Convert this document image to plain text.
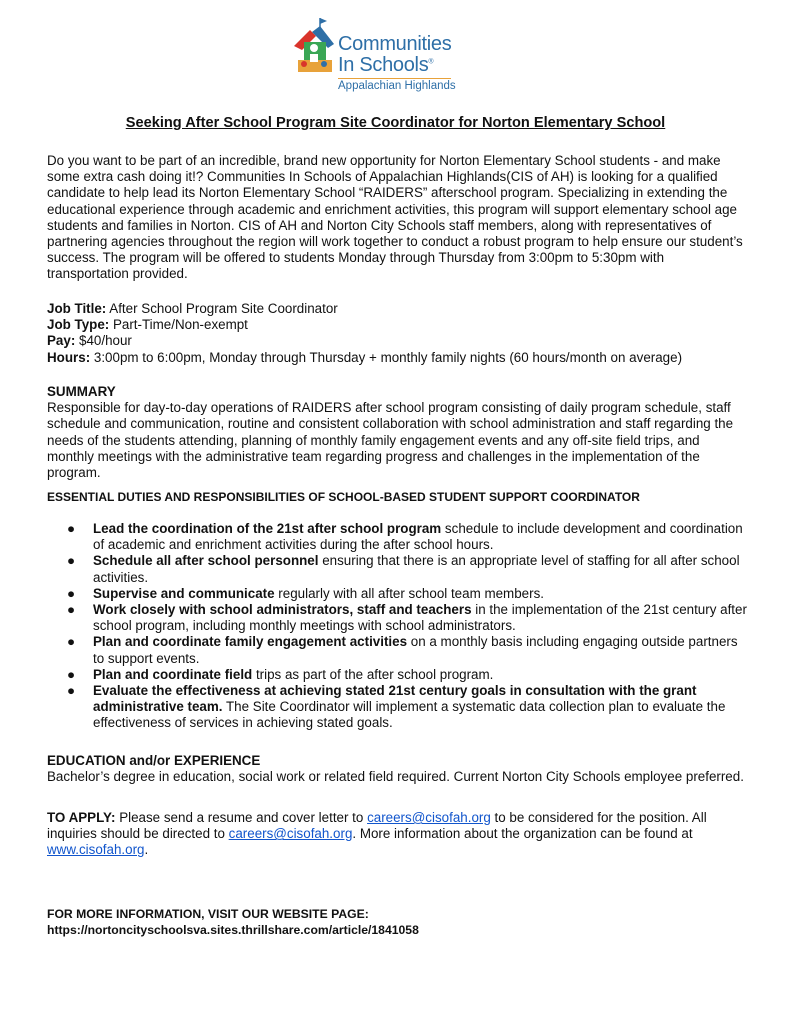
Communities
In Schools®
Appalachian Highlands
Seeking After School Program Site Coordinator for Norton Elementary School
Do you want to be part of an incredible, brand new opportunity for Norton Elementary School students - and make some extra cash doing it!? Communities In Schools of Appalachian Highlands(CIS of AH) is looking for a qualified candidate to help lead its Norton Elementary School “RAIDERS” afterschool program. Specializing in extending the educational experience through academic and enrichment activities, this program will support elementary school age students and families in Norton. CIS of AH and Norton City Schools staff members, along with representatives of partnering agencies throughout the region will work together to conduct a robust program to help ensure our student’s success. The program will be offered to students Monday through Thursday from 3:00pm to 5:30pm with transportation provided.
Job Title: After School Program Site Coordinator
Job Type: Part-Time/Non-exempt
Pay: $40/hour
Hours: 3:00pm to 6:00pm, Monday through Thursday + monthly family nights (60 hours/month on average)
SUMMARY
Responsible for day-to-day operations of RAIDERS after school program consisting of daily program schedule, staff schedule and communication, routine and consistent collaboration with school administration and staff regarding the needs of the students attending, planning of monthly family engagement events and any off-site field trips, and monthly meetings with the administrative team regarding progress and challenges in the implementation of the program.
ESSENTIAL DUTIES AND RESPONSIBILITIES OF SCHOOL-BASED STUDENT SUPPORT COORDINATOR
● Lead the coordination of the 21st after school program schedule to include development and coordination of academic and enrichment activities during the after school hours.
● Schedule all after school personnel ensuring that there is an appropriate level of staffing for all after school activities.
● Supervise and communicate regularly with all after school team members.
● Work closely with school administrators, staff and teachers in the implementation of the 21st century after school program, including monthly meetings with school administrators.
● Plan and coordinate family engagement activities on a monthly basis including engaging outside partners to support events.
● Plan and coordinate field trips as part of the after school program.
● Evaluate the effectiveness at achieving stated 21st century goals in consultation with the grant administrative team. The Site Coordinator will implement a systematic data collection plan to evaluate the effectiveness of services in achieving stated goals.
EDUCATION and/or EXPERIENCE
Bachelor’s degree in education, social work or related field required. Current Norton City Schools employee preferred.
TO APPLY: Please send a resume and cover letter to careers@cisofah.org to be considered for the position. All inquiries should be directed to careers@cisofah.org. More information about the organization can be found at www.cisofah.org.
FOR MORE INFORMATION, VISIT OUR WEBSITE PAGE:
https://nortoncityschoolsva.sites.thrillshare.com/article/1841058
